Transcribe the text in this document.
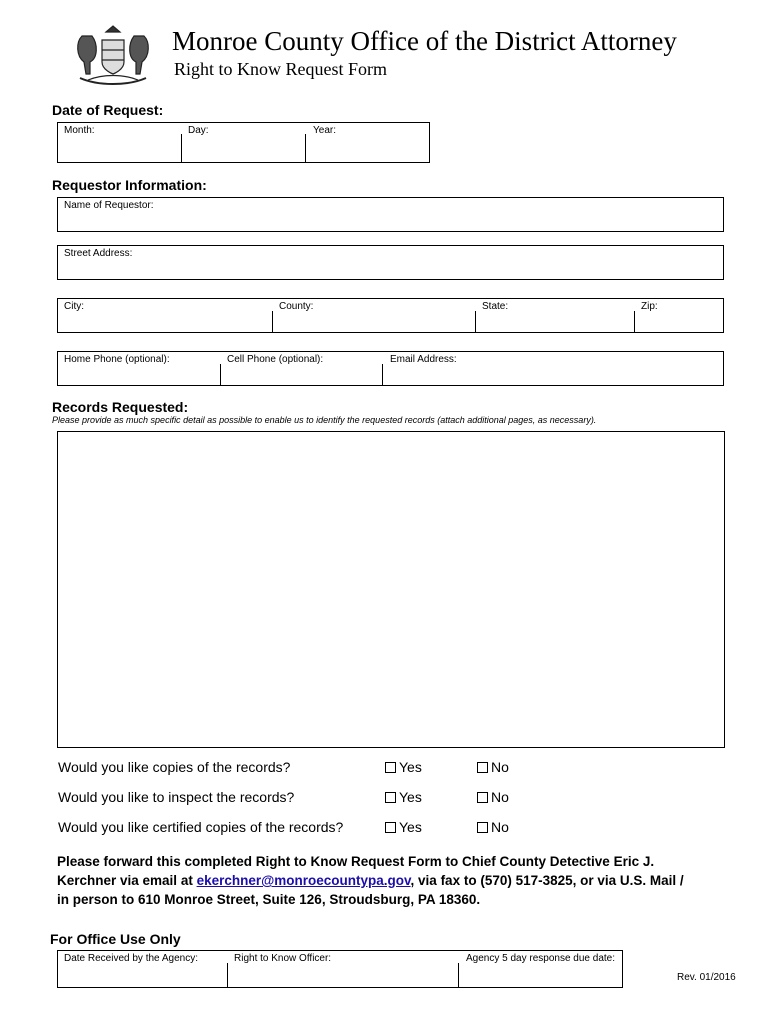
Monroe County Office of the District Attorney
Right to Know Request Form
Date of Request:
Month:	Day:	Year:
Requestor Information:
Name of Requestor:
Street Address:
City:	County:	State:	Zip:
Home Phone (optional):	Cell Phone (optional):	Email Address:
Records Requested:
Please provide as much specific detail as possible to enable us to identify the requested records (attach additional pages, as necessary).
Would you like copies of the records?	Yes	No
Would you like to inspect the records?	Yes	No
Would you like certified copies of the records?	Yes	No
Please forward this completed Right to Know Request Form to Chief County Detective Eric J. Kerchner via email at ekerchner@monroecountypa.gov, via fax to (570) 517-3825, or via U.S. Mail / in person to 610 Monroe Street, Suite 126, Stroudsburg, PA 18360.
For Office Use Only
Date Received by the Agency:	Right to Know Officer:	Agency 5 day response due date:
Rev. 01/2016
